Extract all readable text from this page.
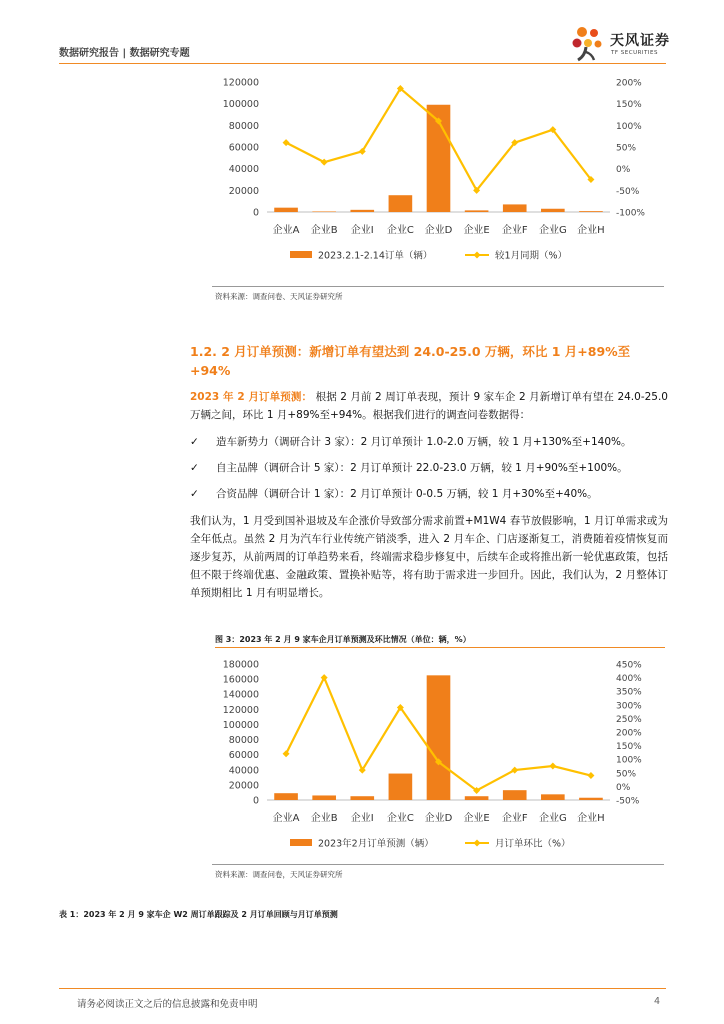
数据研究报告 | 数据研究专题
天风证券
TF SECURITIES
0
20000
40000
60000
80000
100000
120000
-100%
-50%
0%
50%
100%
150%
200%
企业A 企业B 企业I 企业C 企业D 企业E 企业F 企业G 企业H
2023.2.1-2.14订单（辆）	较1月同期（%）
资料来源：调查问卷、天风证券研究所
1.2. 2 月订单预测：新增订单有望达到 24.0-25.0 万辆，环比 1 月+89%至+94%
2023 年 2 月订单预测： 根据 2 月前 2 周订单表现，预计 9 家车企 2 月新增订单有望在 24.0-25.0 万辆之间，环比 1 月+89%至+94%。根据我们进行的调查问卷数据得：
✓ 造车新势力（调研合计 3 家）：2 月订单预计 1.0-2.0 万辆，较 1 月+130%至+140%。
✓ 自主品牌（调研合计 5 家）：2 月订单预计 22.0-23.0 万辆，较 1 月+90%至+100%。
✓ 合资品牌（调研合计 1 家）：2 月订单预计 0-0.5 万辆，较 1 月+30%至+40%。
我们认为，1 月受到国补退坡及车企涨价导致部分需求前置+M1W4 春节放假影响，1 月订单需求或为全年低点。虽然 2 月为汽车行业传统产销淡季，进入 2 月车企、门店逐渐复工，消费随着疫情恢复而逐步复苏，从前两周的订单趋势来看，终端需求稳步修复中，后续车企或将推出新一轮优惠政策，包括但不限于终端优惠、金融政策、置换补贴等，将有助于需求进一步回升。因此，我们认为，2 月整体订单预期相比 1 月有明显增长。
图 3：2023 年 2 月 9 家车企月订单预测及环比情况（单位：辆，%）
0
20000
40000
60000
80000
100000
120000
140000
160000
180000
-50%
0%
50%
100%
150%
200%
250%
300%
350%
400%
450%
企业A 企业B 企业I 企业C 企业D 企业E 企业F 企业G 企业H
2023年2月订单预测（辆）	月订单环比（%）
资料来源：调查问卷，天风证券研究所
表 1：2023 年 2 月 9 家车企 W2 周订单跟踪及 2 月订单回顾与月订单预测
请务必阅读正文之后的信息披露和免责申明	4
